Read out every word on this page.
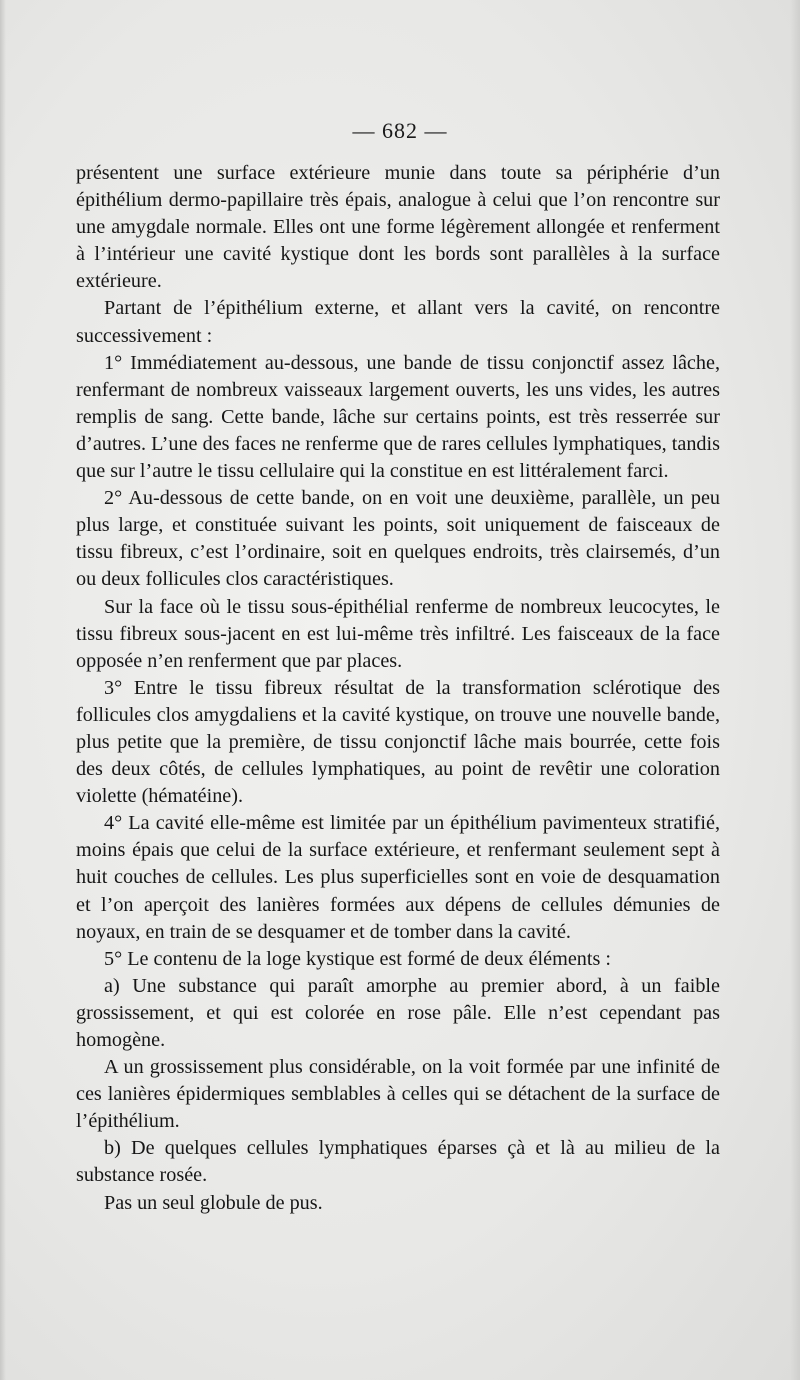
— 682 —

présentent une surface extérieure munie dans toute sa périphérie d’un épithélium dermo-papillaire très épais, analogue à celui que l’on rencontre sur une amygdale normale. Elles ont une forme légèrement allongée et renferment à l’intérieur une cavité kystique dont les bords sont parallèles à la surface extérieure.

Partant de l’épithélium externe, et allant vers la cavité, on rencontre successivement :

1° Immédiatement au-dessous, une bande de tissu conjonctif assez lâche, renfermant de nombreux vaisseaux largement ouverts, les uns vides, les autres remplis de sang. Cette bande, lâche sur certains points, est très resserrée sur d’autres. L’une des faces ne renferme que de rares cellules lymphatiques, tandis que sur l’autre le tissu cellulaire qui la constitue en est littéralement farci.

2° Au-dessous de cette bande, on en voit une deuxième, parallèle, un peu plus large, et constituée suivant les points, soit uniquement de faisceaux de tissu fibreux, c’est l’ordinaire, soit en quelques endroits, très clairsemés, d’un ou deux follicules clos caractéristiques.

Sur la face où le tissu sous-épithélial renferme de nombreux leucocytes, le tissu fibreux sous-jacent en est lui-même très infiltré. Les faisceaux de la face opposée n’en renferment que par places.

3° Entre le tissu fibreux résultat de la transformation sclérotique des follicules clos amygdaliens et la cavité kystique, on trouve une nouvelle bande, plus petite que la première, de tissu conjonctif lâche mais bourrée, cette fois des deux côtés, de cellules lymphatiques, au point de revêtir une coloration violette (hématéine).

4° La cavité elle-même est limitée par un épithélium pavimenteux stratifié, moins épais que celui de la surface extérieure, et renfermant seulement sept à huit couches de cellules. Les plus superficielles sont en voie de desquamation et l’on aperçoit des lanières formées aux dépens de cellules démunies de noyaux, en train de se desquamer et de tomber dans la cavité.

5° Le contenu de la loge kystique est formé de deux éléments :

a) Une substance qui paraît amorphe au premier abord, à un faible grossissement, et qui est colorée en rose pâle. Elle n’est cependant pas homogène.

A un grossissement plus considérable, on la voit formée par une infinité de ces lanières épidermiques semblables à celles qui se détachent de la surface de l’épithélium.

b) De quelques cellules lymphatiques éparses çà et là au milieu de la substance rosée.

Pas un seul globule de pus.
